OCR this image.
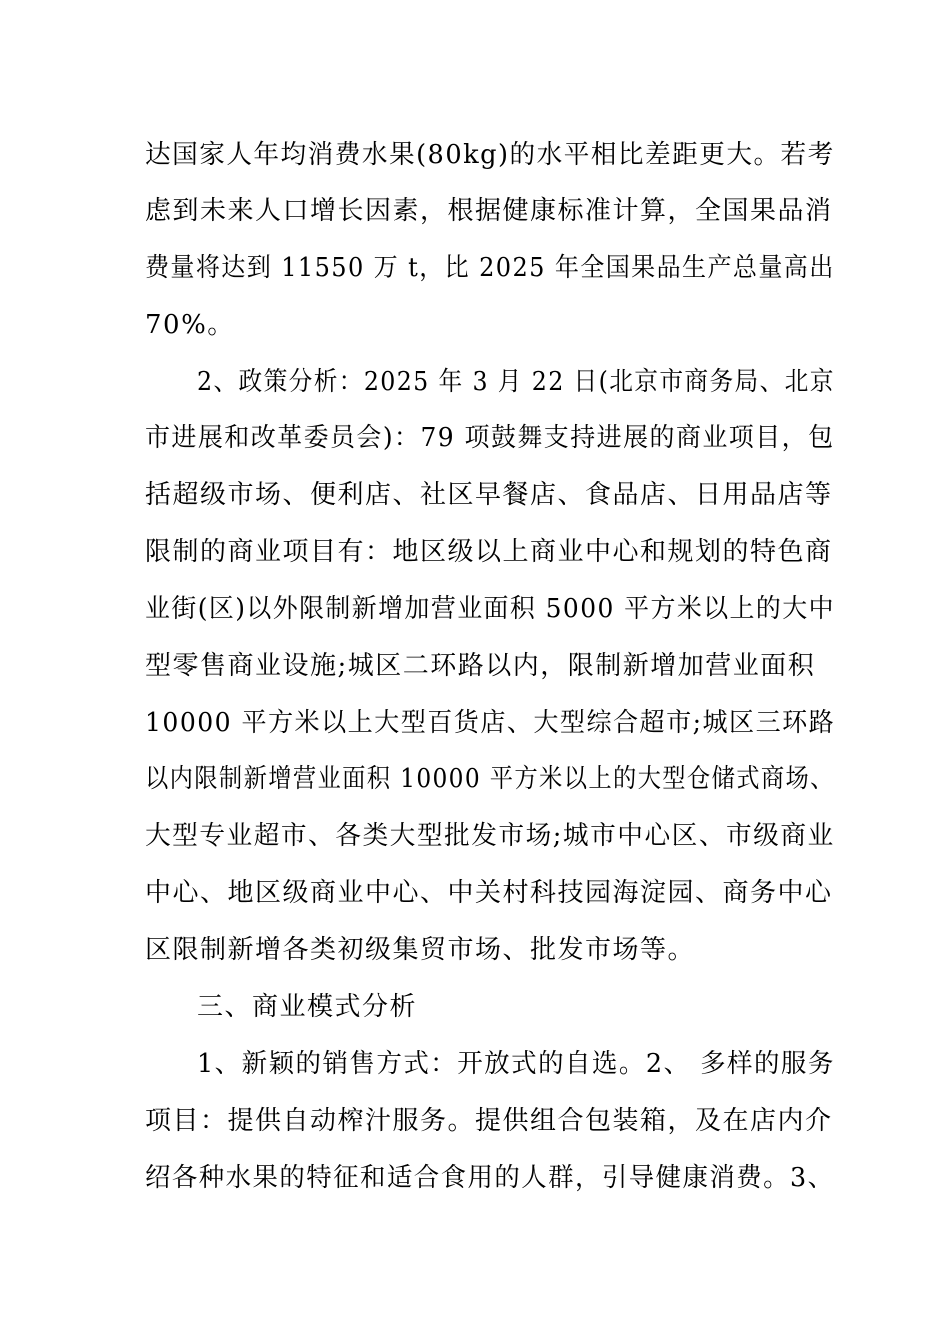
达国家人年均消费水果(80kg)的水平相比差距更大。若考
虑到未来人口增长因素，根据健康标准计算，全国果品消
费量将达到 11550 万 t，比 2025 年全国果品生产总量高出
70%。
2、政策分析：2025 年 3 月 22 日(北京市商务局、北京
市进展和改革委员会)：79 项鼓舞支持进展的商业项目，包
括超级市场、便利店、社区早餐店、食品店、日用品店等
限制的商业项目有：地区级以上商业中心和规划的特色商
业街(区)以外限制新增加营业面积 5000 平方米以上的大中
型零售商业设施;城区二环路以内，限制新增加营业面积
10000 平方米以上大型百货店、大型综合超市;城区三环路
以内限制新增营业面积 10000 平方米以上的大型仓储式商场、
大型专业超市、各类大型批发市场;城市中心区、市级商业
中心、地区级商业中心、中关村科技园海淀园、商务中心
区限制新增各类初级集贸市场、批发市场等。
三、商业模式分析
1、新颖的销售方式：开放式的自选。2、 多样的服务
项目：提供自动榨汁服务。提供组合包装箱，及在店内介
绍各种水果的特征和适合食用的人群，引导健康消费。3、
